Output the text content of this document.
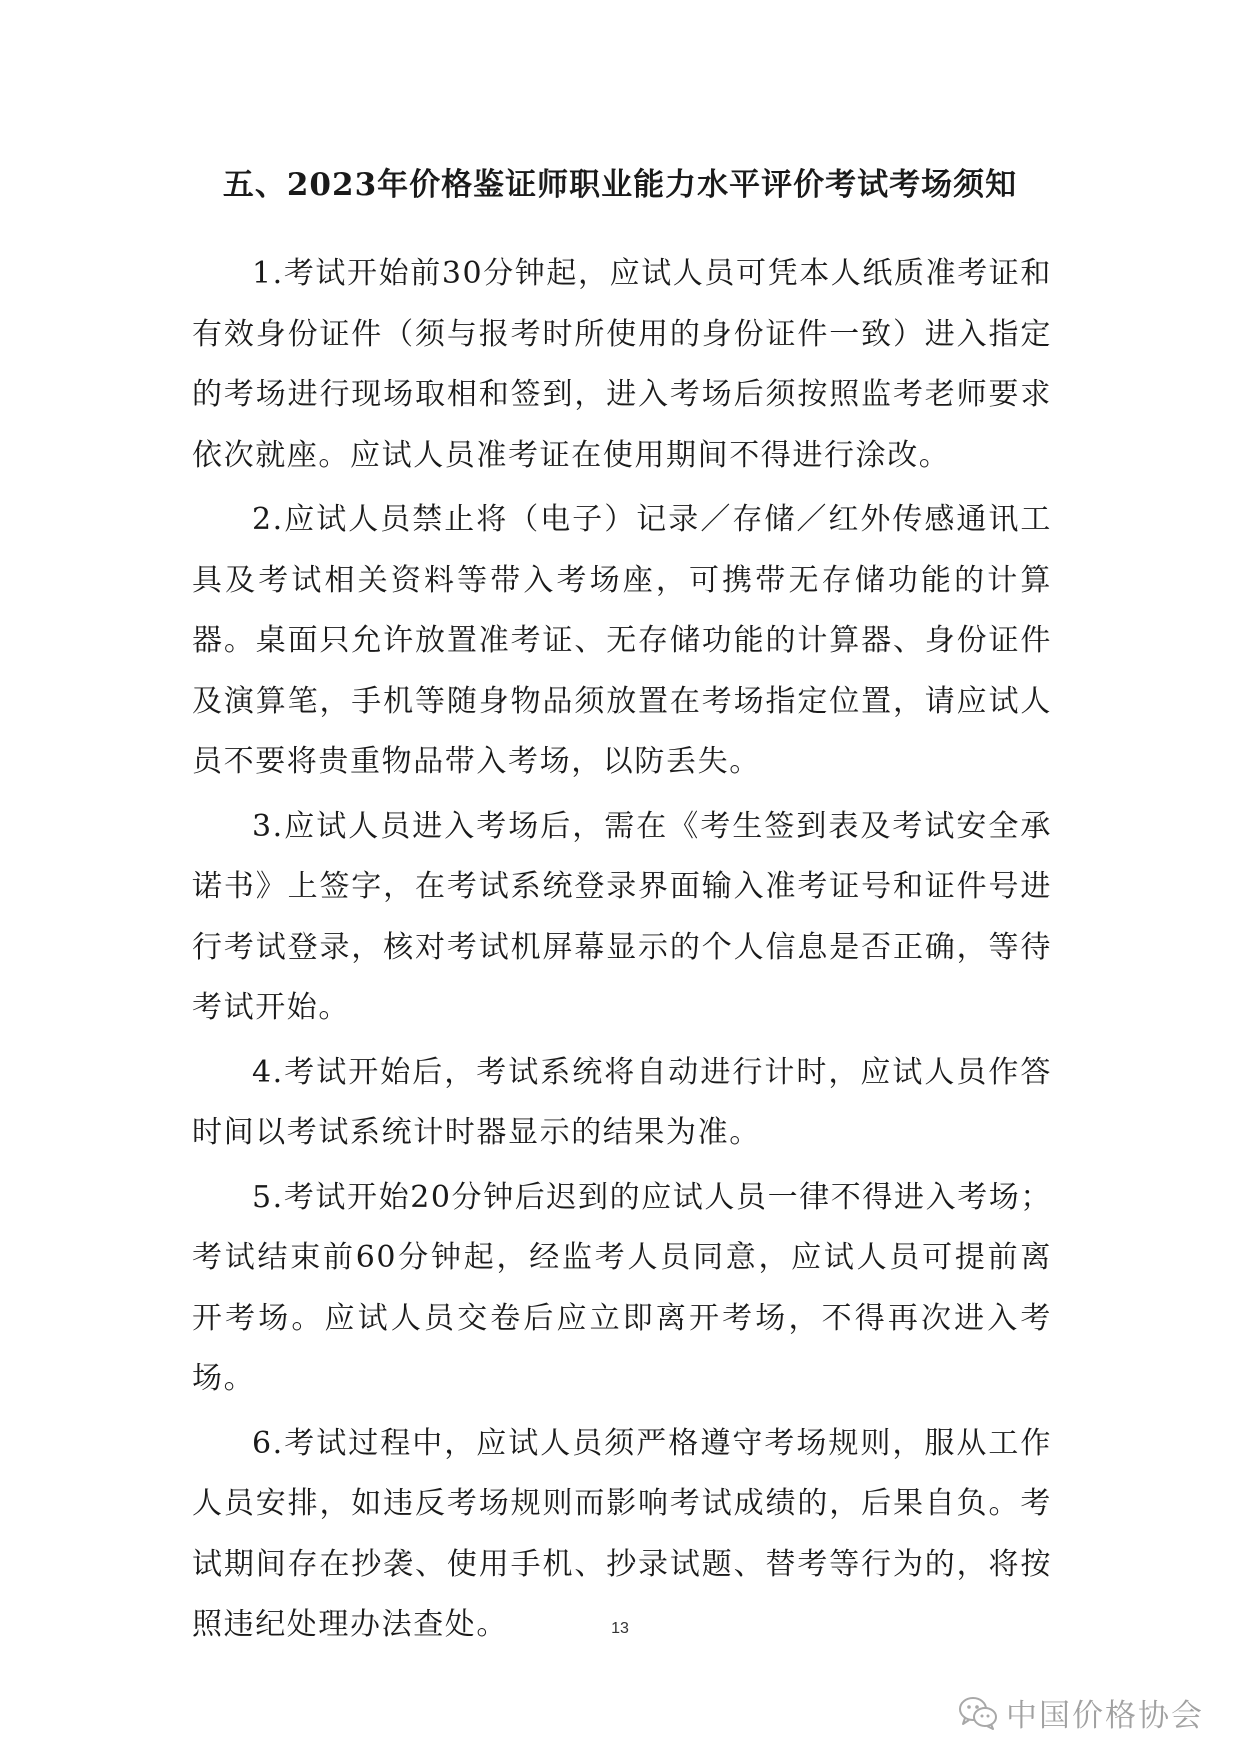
五、2023年价格鉴证师职业能力水平评价考试考场须知

1.考试开始前30分钟起，应试人员可凭本人纸质准考证和有效身份证件（须与报考时所使用的身份证件一致）进入指定的考场进行现场取相和签到，进入考场后须按照监考老师要求依次就座。应试人员准考证在使用期间不得进行涂改。

2.应试人员禁止将（电子）记录／存储／红外传感通讯工具及考试相关资料等带入考场座，可携带无存储功能的计算器。桌面只允许放置准考证、无存储功能的计算器、身份证件及演算笔，手机等随身物品须放置在考场指定位置，请应试人员不要将贵重物品带入考场，以防丢失。

3.应试人员进入考场后，需在《考生签到表及考试安全承诺书》上签字，在考试系统登录界面输入准考证号和证件号进行考试登录，核对考试机屏幕显示的个人信息是否正确，等待考试开始。

4.考试开始后，考试系统将自动进行计时，应试人员作答时间以考试系统计时器显示的结果为准。

5.考试开始20分钟后迟到的应试人员一律不得进入考场；考试结束前60分钟起，经监考人员同意，应试人员可提前离开考场。应试人员交卷后应立即离开考场，不得再次进入考场。

6.考试过程中，应试人员须严格遵守考场规则，服从工作人员安排，如违反考场规则而影响考试成绩的，后果自负。考试期间存在抄袭、使用手机、抄录试题、替考等行为的，将按照违纪处理办法查处。	13
中国价格协会
